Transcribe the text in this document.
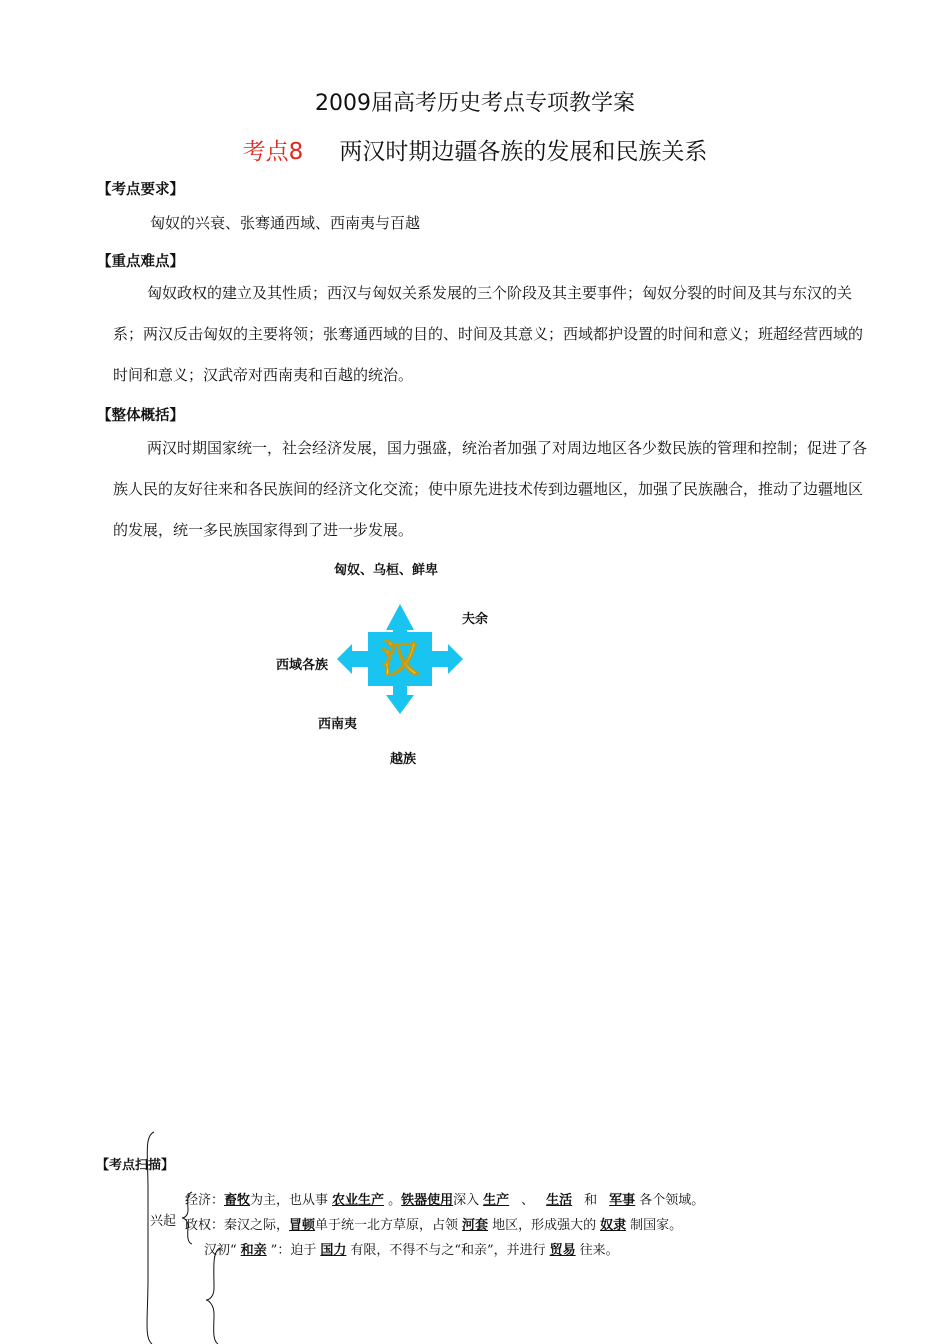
2009届高考历史考点专项教学案
考点8 两汉时期边疆各族的发展和民族关系
【考点要求】
匈奴的兴衰、张骞通西域、西南夷与百越
【重点难点】
匈奴政权的建立及其性质；西汉与匈奴关系发展的三个阶段及其主要事件；匈奴分裂的时间及其与东汉的关系；两汉反击匈奴的主要将领；张骞通西域的目的、时间及其意义；西域都护设置的时间和意义；班超经营西域的时间和意义；汉武帝对西南夷和百越的统治。
【整体概括】
两汉时期国家统一，社会经济发展，国力强盛，统治者加强了对周边地区各少数民族的管理和控制；促进了各族人民的友好往来和各民族间的经济文化交流；使中原先进技术传到边疆地区，加强了民族融合，推动了边疆地区的发展，统一多民族国家得到了进一步发展。
匈奴、乌桓、鲜卑
夫余
西域各族
西南夷
越族
汉
【考点扫描】
兴起
经济：畜牧为主，也从事 农业生产 。铁器使用深入 生产 、 生活 和 军事 各个领域。
政权：秦汉之际，冒顿单于统一北方草原，占领 河套 地区，形成强大的 奴隶 制国家。
汉初“ 和亲 ”：迫于 国力 有限，不得不与之“和亲”，并进行 贸易 往来。
